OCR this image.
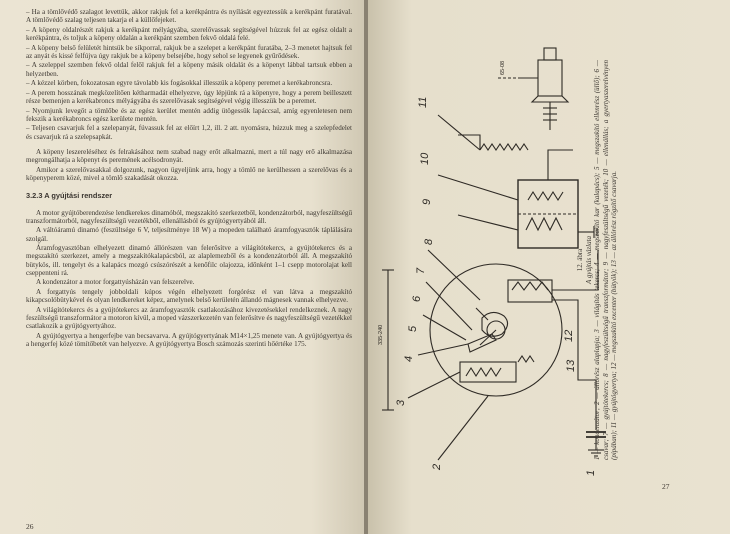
– Ha a tömlővédő szalagot levettük, akkor rakjuk fel a kerékpántra és nyílását egyeztessük a kerékpánt furatával. A tömlővédő szalag teljesen takarja el a küllőfejeket.

– A köpeny oldalrészét rakjuk a kerékpánt mélyágyába, szerelővassak segítségével húzzuk fel az egész oldalt a kerékpántra, és toljuk a köpeny oldalán a kerékpánt szemben fekvő oldalá felé.

– A köpeny belső felületét hintsük be síkporral, rakjuk be a szelepet a kerékpánt furatába, 2–3 menetet hajtsuk fel az anyát és kissé felfújva úgy rakjuk be a köpeny belsejébe, hogy sehol se legyenek gyűrődések.

– A szeleppel szemben fekvő oldal felől rakjuk fel a köpeny másik oldalát és a köpenyt lábbal tartsuk ebben a helyzetben.

– A kézzel körben, fokozatosan egyre távolabb kis fogásokkal illesszük a köpeny peremet a kerékabroncsra.

– A perem hosszának megközelítően kétharmadát elhelyezve, úgy lépjünk rá a köpenyre, hogy a perem beilleszett része bemenjen a kerékabroncs mélyágyába és szerelővasak segítségével végig illesszük be a peremet.

– Nyomjunk levegőt a tömlőbe és az egész kerület mentén addig ütögessük lapáccsal, amíg egyenletesen nem fekszik a kerékabroncs egész kerülete mentén.

– Teljesen csavarjuk fel a szelepanyát, fúvassuk fel az előírt 1,2, ill. 2 att. nyomásra, húzzuk meg a szelepfedelet és csavarjuk rá a szelepsapkát.

A köpeny leszereléséhez és felrakásához nem szabad nagy erőt alkalmazni, mert a túl nagy erő alkalmazása megrongálhatja a köpenyt és peremének acélsodronyát.

Amikor a szerelővasakkal dolgozunk, nagyon ügyeljünk arra, hogy a tömlő ne kerülhessen a szerelővas és a köpenyperem közé, mivel a tömlő szakadását okozza.

3.2.3 A gyújtási rendszer

A motor gyújtóberendezése lendkerekes dinamóból, megszakító szerkezetből, kondenzátorból, nagyfeszültségű transzformátorból, nagyfeszültségű vezetékből, ellenállásból és gyújtógyertyából áll.

A váltóáramú dinamó (feszültsége 6 V, teljesítménye 18 W) a mopeden található áramfogyasztók táplálására szolgál.

Áramfogyasztóban elhelyezett dinamó állórészen van felerősítve a világítótekercs, a gyújtótekercs és a megszakító szerkezet, amely a megszakítókalapácsból, az alaplemezből és a kondenzátorból áll. A megszakító bütykös, ill. tengelyt és a kalapács mozgó csúszórészét a kenőfilc olajozza, időnként 1–1 csepp motorolajat kell cseppenteni rá.

A kondenzátor a motor forgattyúsházán van felszerelve.

A forgattyús tengely jobboldali kúpos végén elhelyezett forgórész el van látva a megszakító kikapcsolóbütykével és olyan lendkereket képez, amelynek belső kerületén állandó mágnesek vannak elhelyezve.

A világítótekercs és a gyújtótekercs az áramfogyasztók csatlakozásához kivezetésekkel rendelkeznek. A nagy feszültségű transzformátor a motoron kívül, a moped vázszerkezetén van felerősítve és nagyfeszültségű vezetékkel csatlakozik a gyújtógyertyához.

A gyújtógyertya a hengerfejbe van becsavarva. A gyújtógyertyának M14×1,25 menete van. A gyújtógyertya és a hengerfej közé tömítőbetét van helyezve. A gyújtógyertya Bosch számozás szerinti hőértéke 175.

26
335-240
65-08
11
10
9
8
7
6
5
4
3
2
12
13
1
12. ábra A gyújtás vázlata 1 — kondenzátor; 2 — állórész alaplapja; 3 — világítás tekercs; 4 — megszakító kar (kalapács); 5 — megszakító ellenrész (üllő); 6 — csavar; 7 — gyújtótekercs; 8 — nagyfeszültségű transzformátor; 9 — nagyfeszültségű vezeték; 10 — ellenállás; a gyertyaszerelvényen (pipában); 11 — gyújtógyertya; 12 — megszakító excenter (bütyök); 13 — az állórész rögzítő csavarja.
27
